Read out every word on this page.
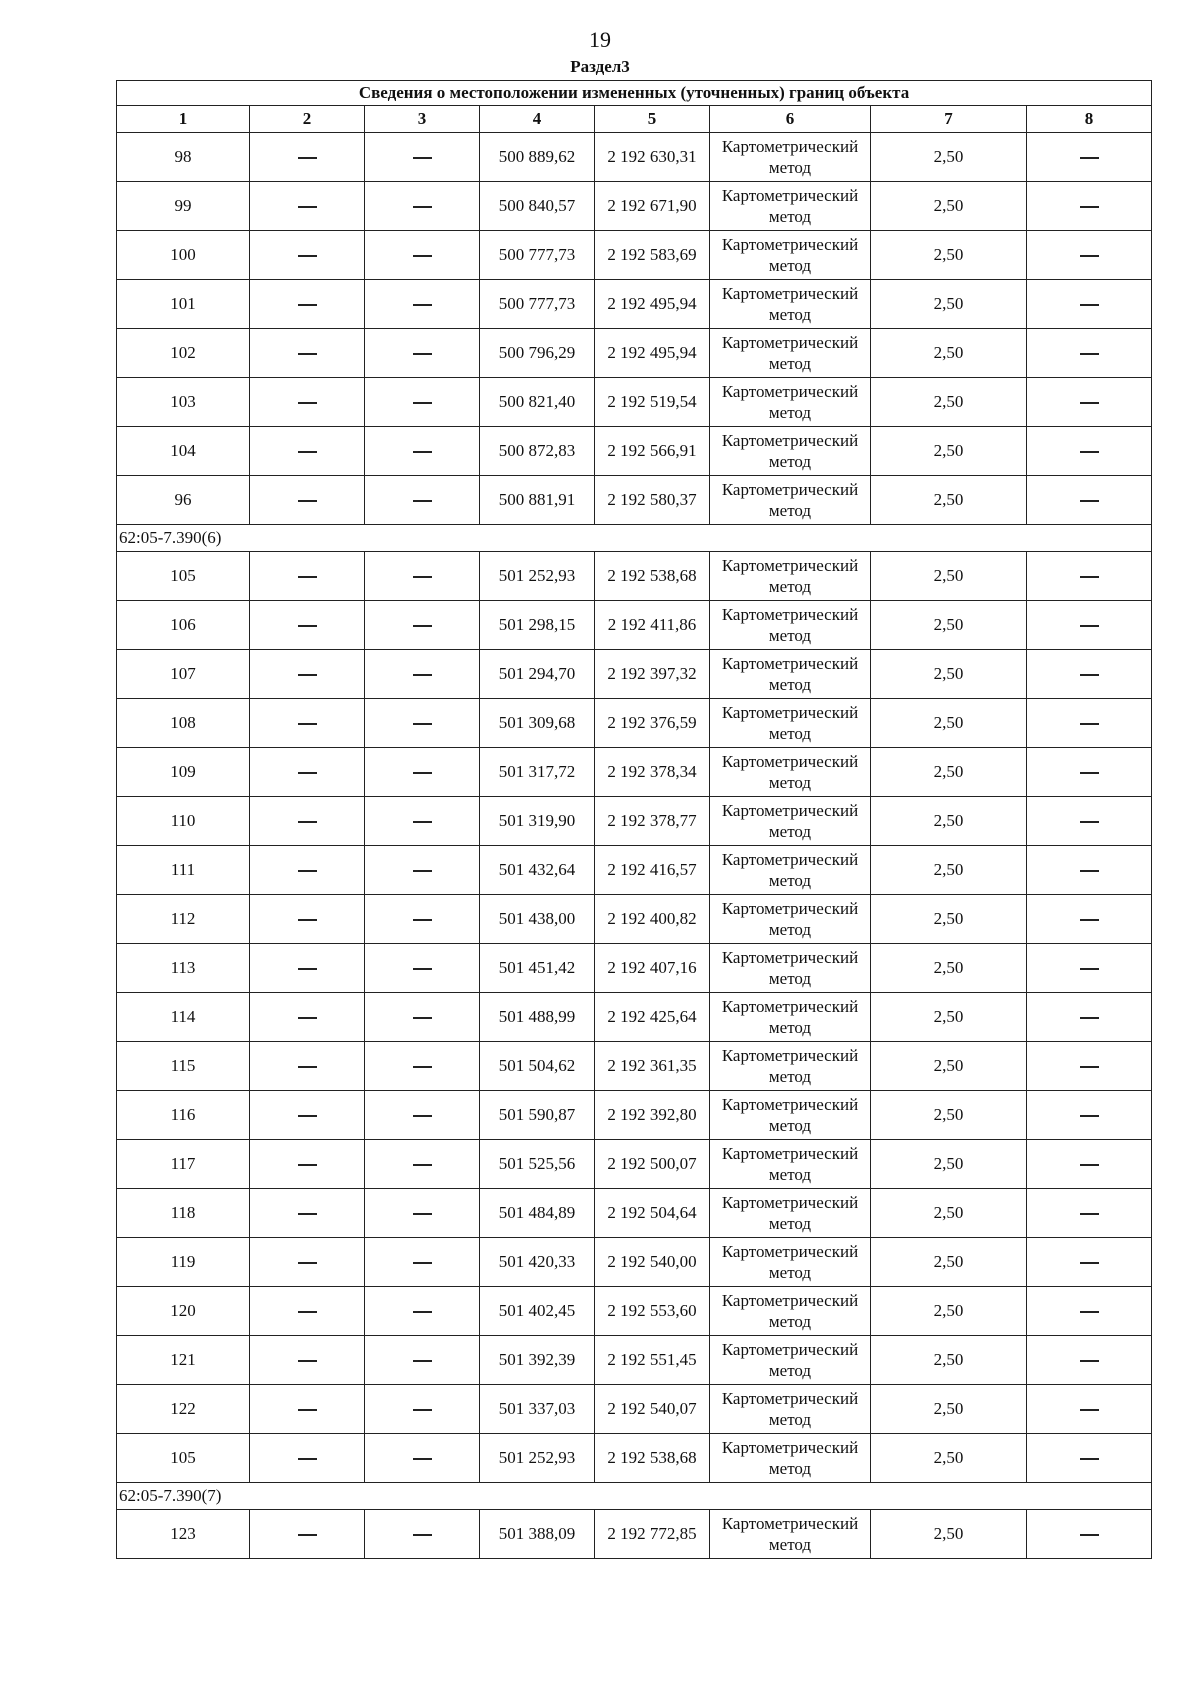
19
Раздел3
Сведения о местоположении измененных (уточненных) границ объекта							
1	2	3	4	5	6	7	8
98			500 889,62	2 192 630,31	Картометрический метод	2,50	
99			500 840,57	2 192 671,90	Картометрический метод	2,50	
100			500 777,73	2 192 583,69	Картометрический метод	2,50	
101			500 777,73	2 192 495,94	Картометрический метод	2,50	
102			500 796,29	2 192 495,94	Картометрический метод	2,50	
103			500 821,40	2 192 519,54	Картометрический метод	2,50	
104			500 872,83	2 192 566,91	Картометрический метод	2,50	
96			500 881,91	2 192 580,37	Картометрический метод	2,50	
62:05-7.390(6)							
105			501 252,93	2 192 538,68	Картометрический метод	2,50	
106			501 298,15	2 192 411,86	Картометрический метод	2,50	
107			501 294,70	2 192 397,32	Картометрический метод	2,50	
108			501 309,68	2 192 376,59	Картометрический метод	2,50	
109			501 317,72	2 192 378,34	Картометрический метод	2,50	
110			501 319,90	2 192 378,77	Картометрический метод	2,50	
111			501 432,64	2 192 416,57	Картометрический метод	2,50	
112			501 438,00	2 192 400,82	Картометрический метод	2,50	
113			501 451,42	2 192 407,16	Картометрический метод	2,50	
114			501 488,99	2 192 425,64	Картометрический метод	2,50	
115			501 504,62	2 192 361,35	Картометрический метод	2,50	
116			501 590,87	2 192 392,80	Картометрический метод	2,50	
117			501 525,56	2 192 500,07	Картометрический метод	2,50	
118			501 484,89	2 192 504,64	Картометрический метод	2,50	
119			501 420,33	2 192 540,00	Картометрический метод	2,50	
120			501 402,45	2 192 553,60	Картометрический метод	2,50	
121			501 392,39	2 192 551,45	Картометрический метод	2,50	
122			501 337,03	2 192 540,07	Картометрический метод	2,50	
105			501 252,93	2 192 538,68	Картометрический метод	2,50	
62:05-7.390(7)							
123			501 388,09	2 192 772,85	Картометрический метод	2,50	
